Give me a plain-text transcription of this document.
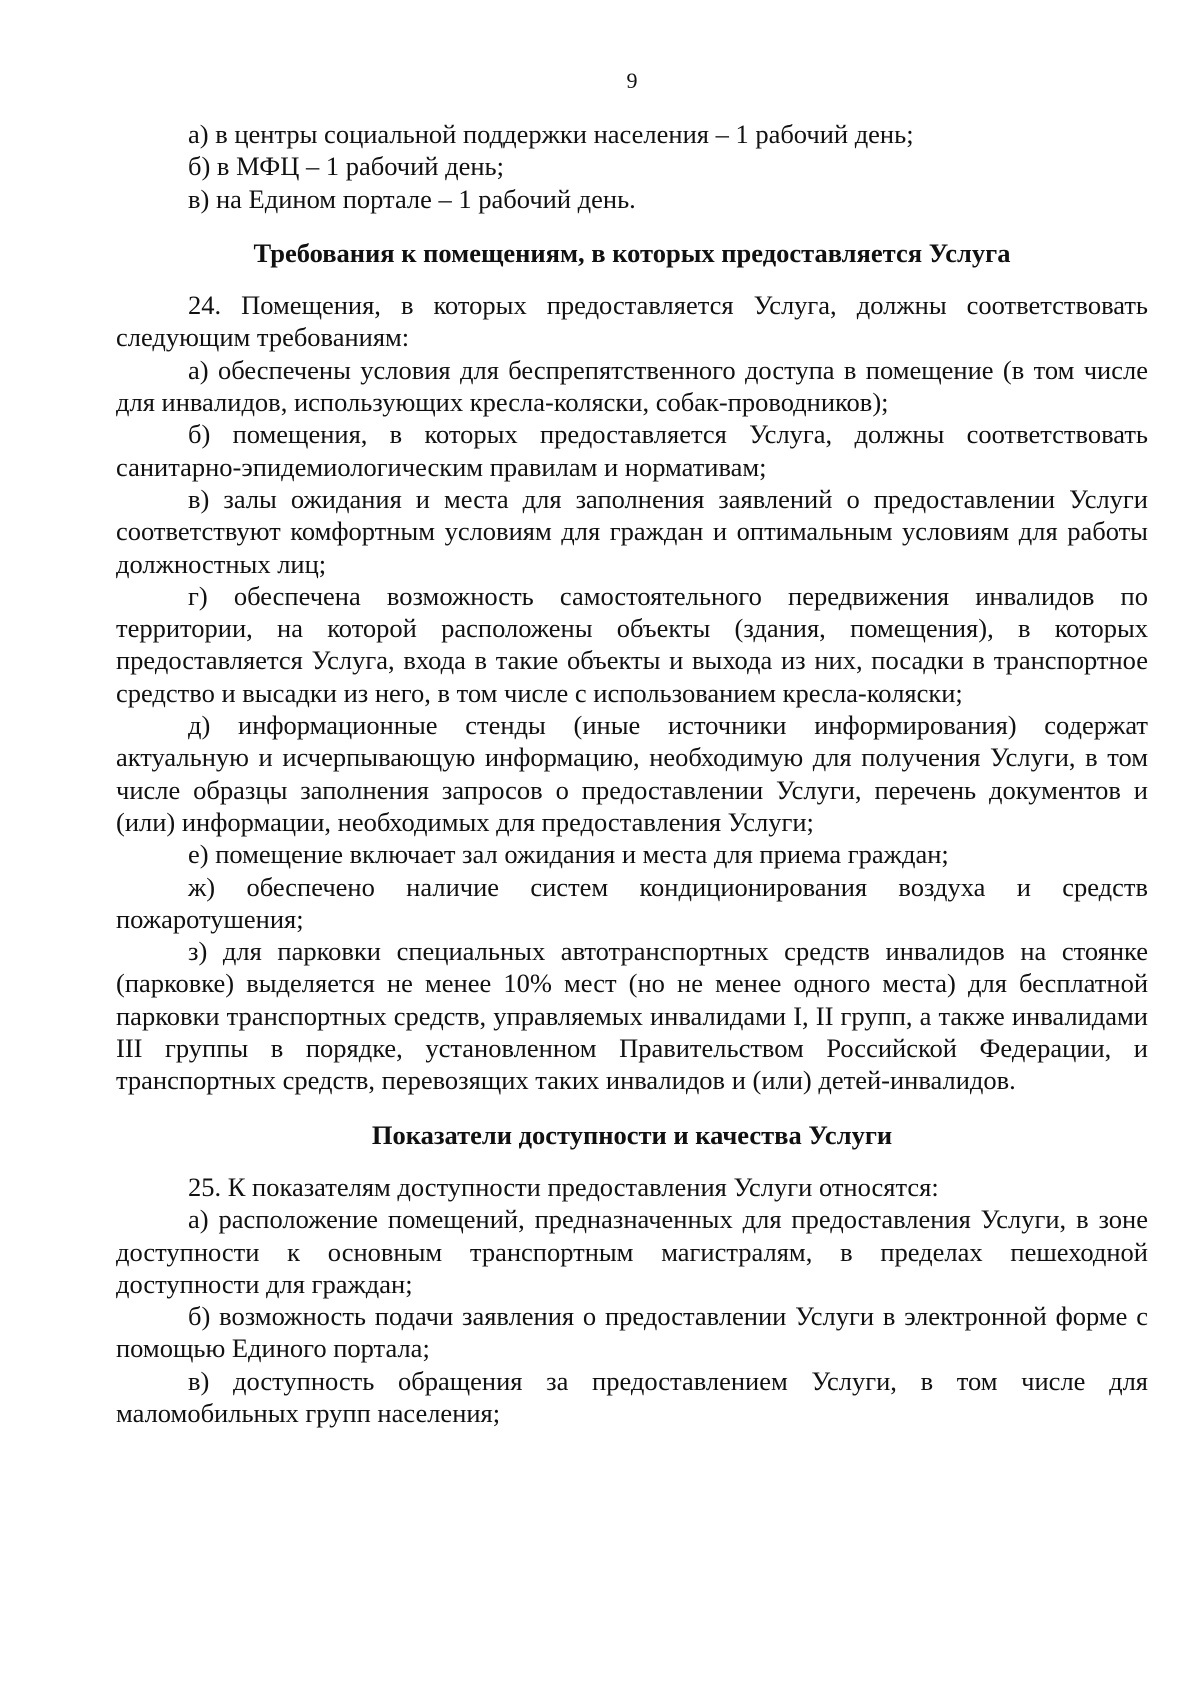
9
а) в центры социальной поддержки населения – 1 рабочий день;
б) в МФЦ – 1 рабочий день;
в) на Едином портале – 1 рабочий день.
Требования к помещениям, в которых предоставляется Услуга

24. Помещения, в которых предоставляется Услуга, должны соответствовать следующим требованиям:

а) обеспечены условия для беспрепятственного доступа в помещение (в том числе для инвалидов, использующих кресла-коляски, собак-проводников);

б) помещения, в которых предоставляется Услуга, должны соответствовать санитарно-эпидемиологическим правилам и нормативам;

в) залы ожидания и места для заполнения заявлений о предоставлении Услуги соответствуют комфортным условиям для граждан и оптимальным условиям для работы должностных лиц;

г) обеспечена возможность самостоятельного передвижения инвалидов по территории, на которой расположены объекты (здания, помещения), в которых предоставляется Услуга, входа в такие объекты и выхода из них, посадки в транспортное средство и высадки из него, в том числе с использованием кресла-коляски;

д) информационные стенды (иные источники информирования) содержат актуальную и исчерпывающую информацию, необходимую для получения Услуги, в том числе образцы заполнения запросов о предоставлении Услуги, перечень документов и (или) информации, необходимых для предоставления Услуги;

е) помещение включает зал ожидания и места для приема граждан;

ж) обеспечено наличие систем кондиционирования воздуха и средств пожаротушения;

з) для парковки специальных автотранспортных средств инвалидов на стоянке (парковке) выделяется не менее 10% мест (но не менее одного места) для бесплатной парковки транспортных средств, управляемых инвалидами I, II групп, а также инвалидами III группы в порядке, установленном Правительством Российской Федерации, и транспортных средств, перевозящих таких инвалидов и (или) детей-инвалидов.

Показатели доступности и качества Услуги

25. К показателям доступности предоставления Услуги относятся:

а) расположение помещений, предназначенных для предоставления Услуги, в зоне доступности к основным транспортным магистралям, в пределах пешеходной доступности для граждан;

б) возможность подачи заявления о предоставлении Услуги в электронной форме с помощью Единого портала;

в) доступность обращения за предоставлением Услуги, в том числе для маломобильных групп населения;
